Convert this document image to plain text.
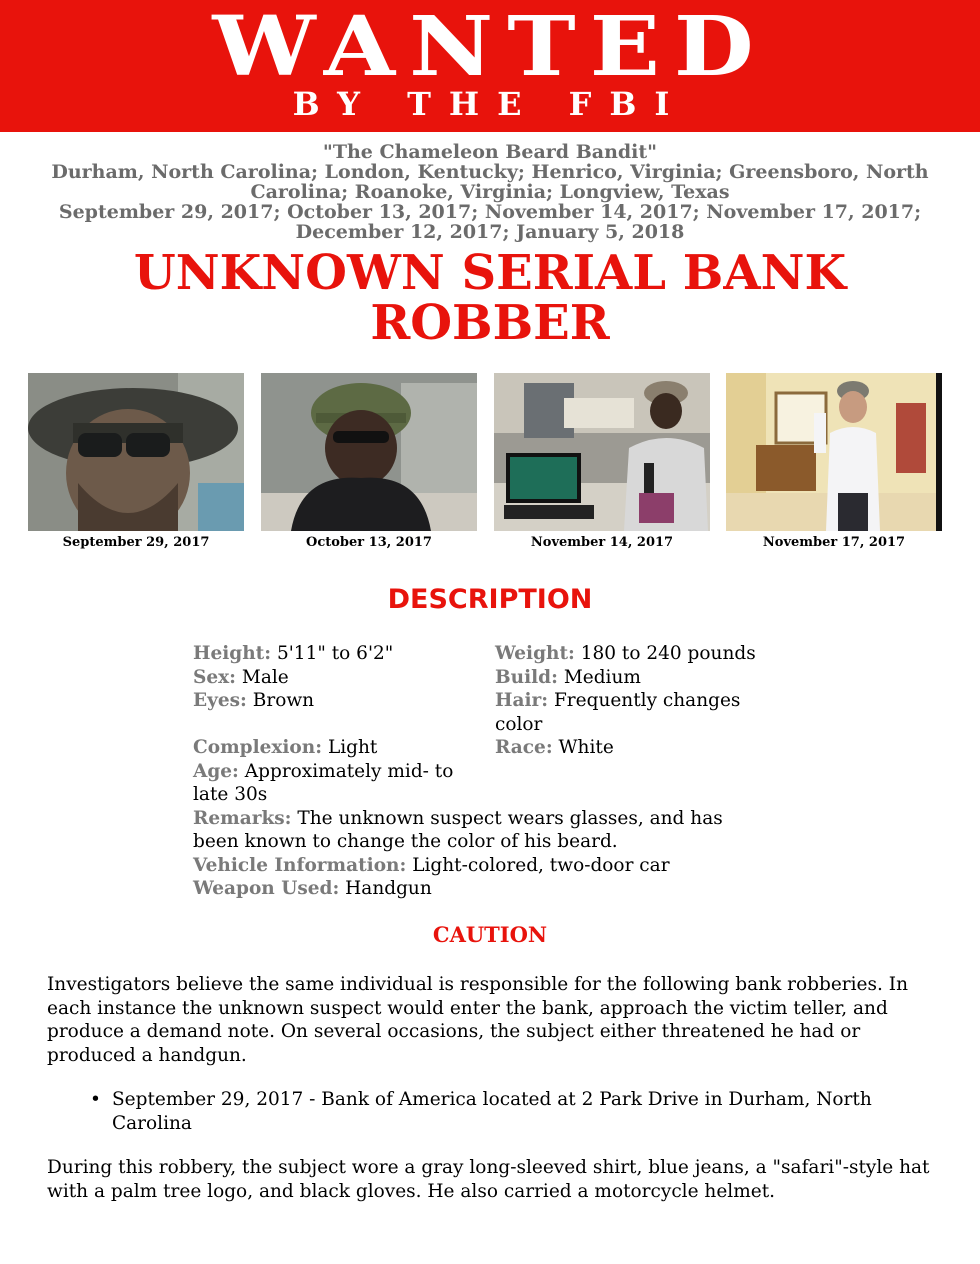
WANTED
BY THE FBI
"The Chameleon Beard Bandit"
Durham, North Carolina; London, Kentucky; Henrico, Virginia; Greensboro, North Carolina; Roanoke, Virginia; Longview, Texas
September 29, 2017; October 13, 2017; November 14, 2017; November 17, 2017; December 12, 2017; January 5, 2018
UNKNOWN SERIAL BANK ROBBER
September 29, 2017	October 13, 2017	November 14, 2017	November 17, 2017
DESCRIPTION
Height: 5'11" to 6'2"	Weight: 180 to 240 pounds
Sex: Male	Build: Medium
Eyes: Brown	Hair: Frequently changes color
Complexion: Light	Race: White
Age: Approximately mid- to late 30s
Remarks: The unknown suspect wears glasses, and has been known to change the color of his beard.
Vehicle Information: Light-colored, two-door car
Weapon Used: Handgun
CAUTION
Investigators believe the same individual is responsible for the following bank robberies. In each instance the unknown suspect would enter the bank, approach the victim teller, and produce a demand note. On several occasions, the subject either threatened he had or produced a handgun.
• September 29, 2017 - Bank of America located at 2 Park Drive in Durham, North Carolina
During this robbery, the subject wore a gray long-sleeved shirt, blue jeans, a "safari"-style hat with a palm tree logo, and black gloves. He also carried a motorcycle helmet.
